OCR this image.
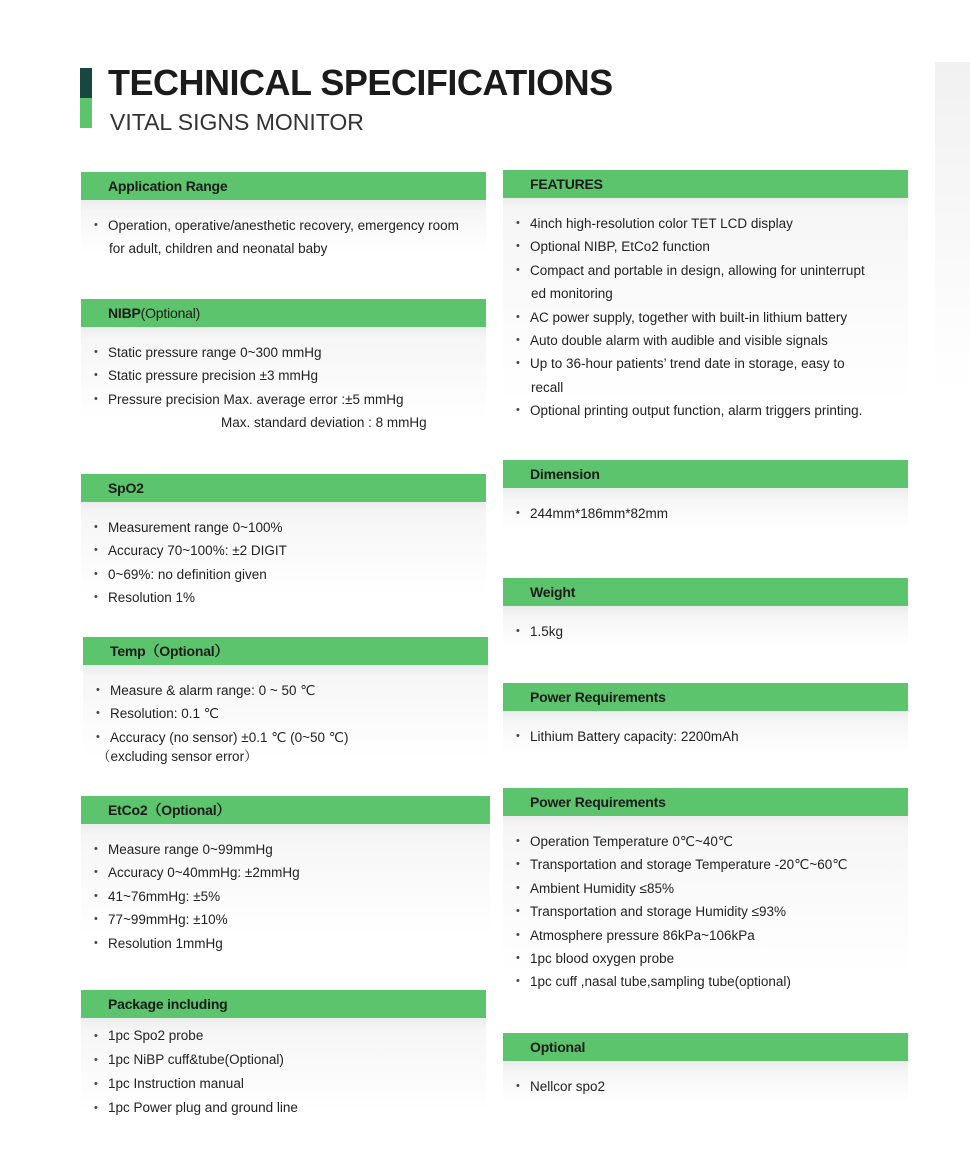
TECHNICAL SPECIFICATIONS
VITAL SIGNS MONITOR
Application Range
• Operation, operative/anesthetic recovery, emergency room
for adult, children and neonatal baby
NIBP(Optional)
• Static pressure range 0~300 mmHg
• Static pressure precision ±3 mmHg
• Pressure precision Max. average error :±5 mmHg
Max. standard deviation : 8 mmHg
SpO2
• Measurement range 0~100%
• Accuracy 70~100%: ±2 DIGIT
• 0~69%: no definition given
• Resolution 1%
Temp（Optional）
• Measure & alarm range: 0 ~ 50 ℃
• Resolution: 0.1 ℃
• Accuracy (no sensor) ±0.1 ℃ (0~50 ℃)
（excluding sensor error）
EtCo2（Optional）
• Measure range 0~99mmHg
• Accuracy 0~40mmHg: ±2mmHg
• 41~76mmHg: ±5%
• 77~99mmHg: ±10%
• Resolution 1mmHg
Package including
• 1pc Spo2 probe
• 1pc NiBP cuff&tube(Optional)
• 1pc Instruction manual
• 1pc Power plug and ground line
FEATURES
• 4inch high-resolution color TET LCD display
• Optional NIBP, EtCo2 function
• Compact and portable in design, allowing for uninterrupt
ed monitoring
• AC power supply, together with built-in lithium battery
• Auto double alarm with audible and visible signals
• Up to 36-hour patients’ trend date in storage, easy to
recall
• Optional printing output function, alarm triggers printing.
Dimension
• 244mm*186mm*82mm
Weight
• 1.5kg
Power Requirements
• Lithium Battery capacity: 2200mAh
Power Requirements
• Operation Temperature 0℃~40℃
• Transportation and storage Temperature -20℃~60℃
• Ambient Humidity ≤85%
• Transportation and storage Humidity ≤93%
• Atmosphere pressure 86kPa~106kPa
• 1pc blood oxygen probe
• 1pc cuff ,nasal tube,sampling tube(optional)
Optional
• Nellcor spo2
